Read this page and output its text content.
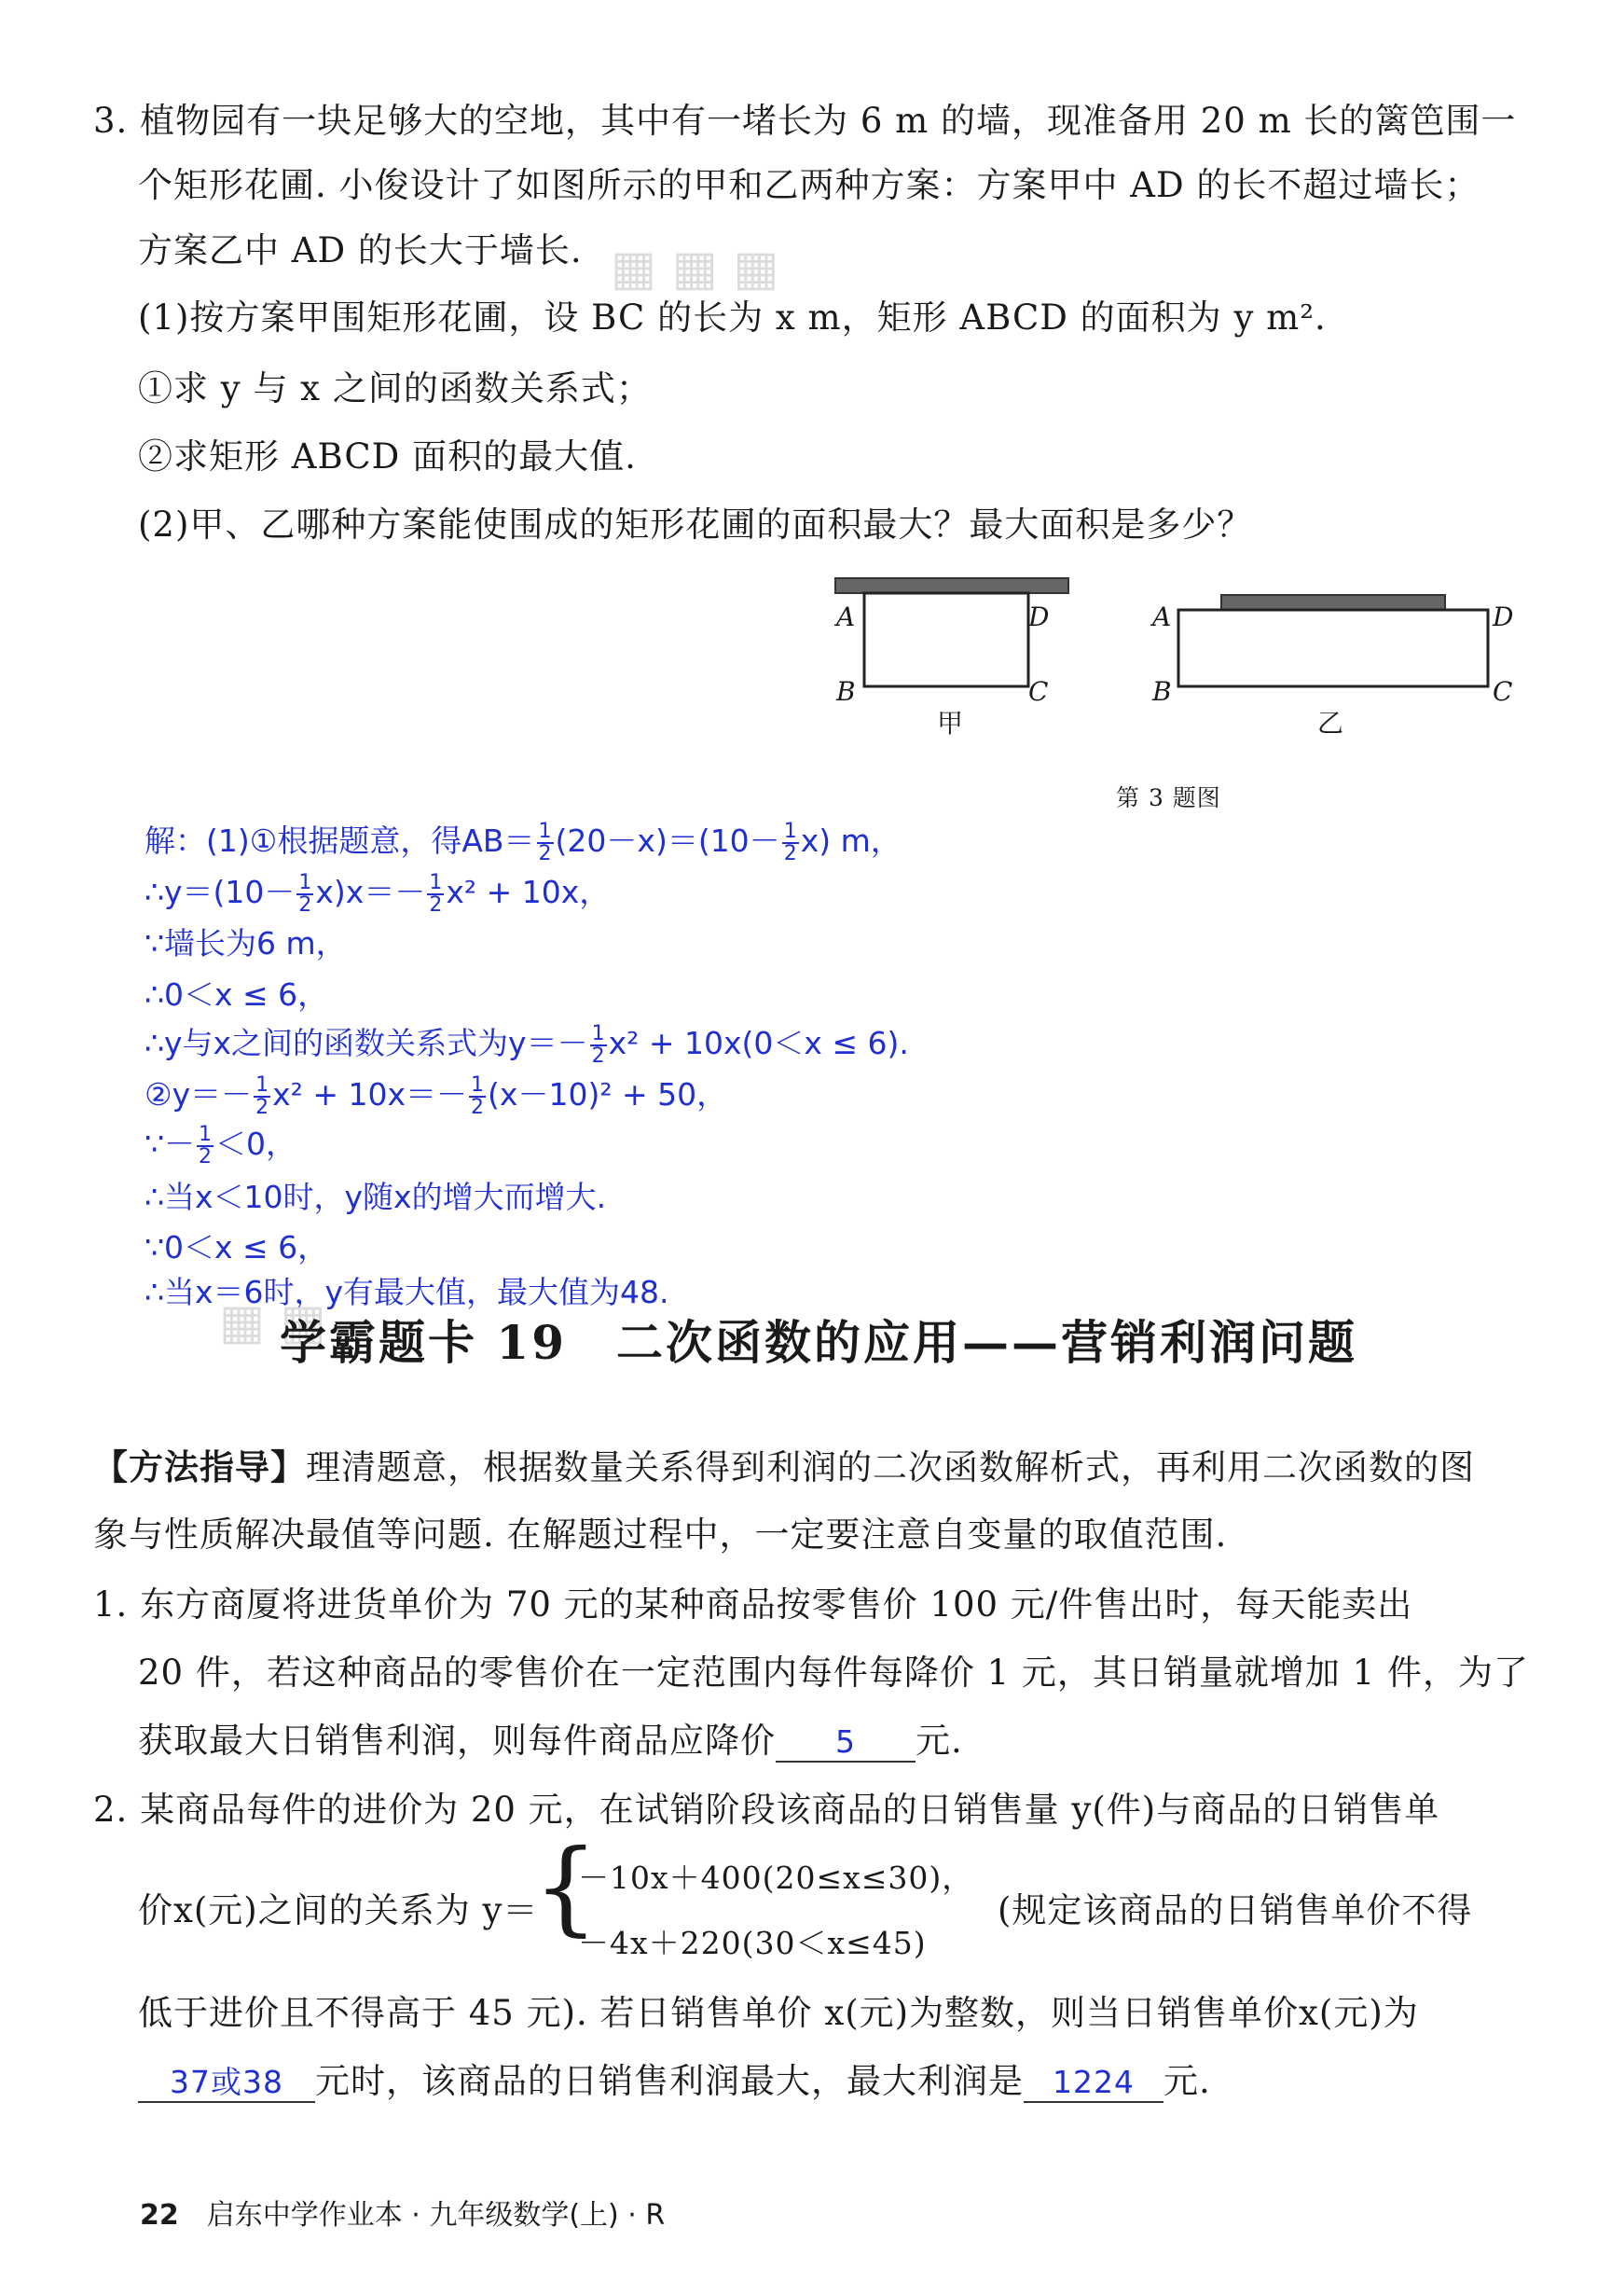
3. 植物园有一块足够大的空地，其中有一堵长为 6 m 的墙，现准备用 20 m 长的篱笆围一
个矩形花圃. 小俊设计了如图所示的甲和乙两种方案：方案甲中 AD 的长不超过墙长；
方案乙中 AD 的长大于墙长.
(1)按方案甲围矩形花圃，设 BC 的长为 x m，矩形 ABCD 的面积为 y m².
①求 y 与 x 之间的函数关系式；
②求矩形 ABCD 面积的最大值.
(2)甲、乙哪种方案能使围成的矩形花圃的面积最大？最大面积是多少？
A	D
B	C
甲
A	D
B	C
乙
第 3 题图
解：(1)①根据题意，得$AB= \frac{1}{2} (20-x)=(10- \frac{1}{2} x)$ m，
∴y＝(10－ $\frac{1}{2} x)x=- \frac{1}{2} x^2 + 10x$，
∵墙长为6 m，
∴0＜x ≤ 6，
∴y与x之间的函数关系式为$y=- \frac{1}{2} x^2 + 10x(0<x \le 6)$.
②y＝－ $\frac{1}{2} x^2 + 10x=- \frac{1}{2} (x-10)^2 + 50$，
∵－ $\frac{1}{2} <0$，
∴当x＜10时，y随x的增大而增大.
∵0＜x ≤ 6，
∴当x＝6时，y有最大值，最大值为48.
▦ ▦ ▦
▦ ▦
学霸题卡 19　二次函数的应用——营销利润问题
【方法指导】理清题意，根据数量关系得到利润的二次函数解析式，再利用二次函数的图
象与性质解决最值等问题. 在解题过程中，一定要注意自变量的取值范围.
1. 东方商厦将进货单价为 70 元的某种商品按零售价 100 元/件售出时，每天能卖出
20 件，若这种商品的零售价在一定范围内每件每降价 1 元，其日销量就增加 1 件，为了
获取最大日销售利润，则每件商品应降价 5 元.
2. 某商品每件的进价为 20 元，在试销阶段该商品的日销售量 y(件)与商品的日销售单
价x(元)之间的关系为 y＝
{
－10x＋400(20≤x≤30)，
－4x＋220(30＜x≤45)
(规定该商品的日销售单价不得
低于进价且不得高于 45 元). 若日销售单价 x(元)为整数，则当日销售单价x(元)为
37或38 元时，该商品的日销售利润最大，最大利润是 1224 元.
22 启东中学作业本 · 九年级数学(上) · R
